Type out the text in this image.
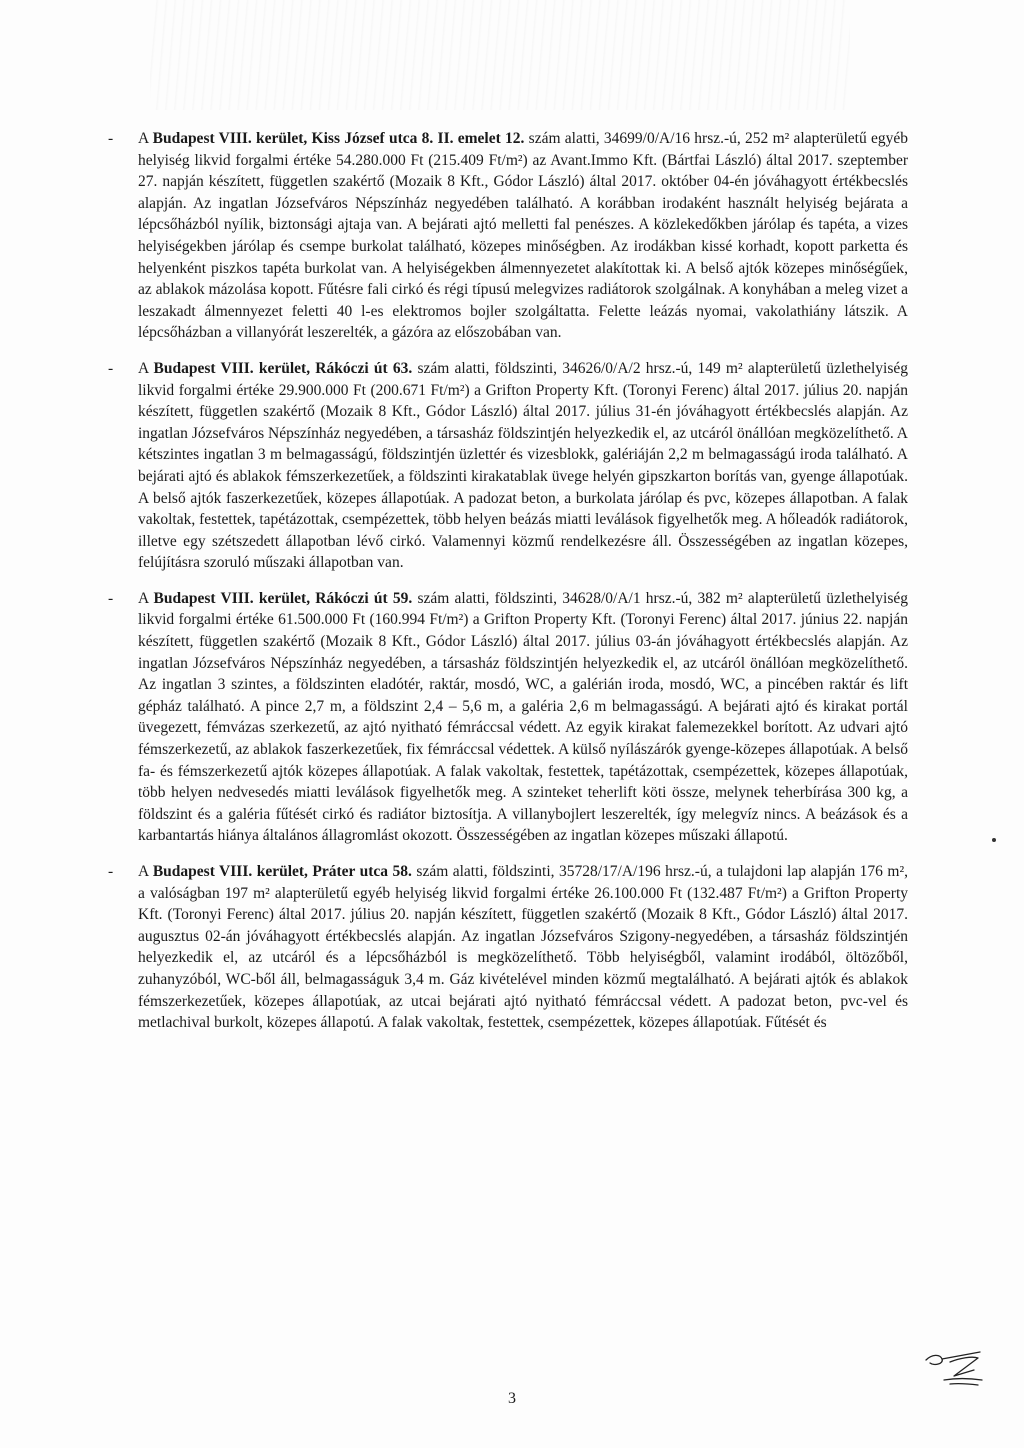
- A Budapest VIII. kerület, Kiss József utca 8. II. emelet 12. szám alatti, 34699/0/A/16 hrsz.-ú, 252 m² alapterületű egyéb helyiség likvid forgalmi értéke 54.280.000 Ft (215.409 Ft/m²) az Avant.Immo Kft. (Bártfai László) által 2017. szeptember 27. napján készített, független szakértő (Mozaik 8 Kft., Gódor László) által 2017. október 04-én jóváhagyott értékbecslés alapján. Az ingatlan Józsefváros Népszínház negyedében található. A korábban irodaként használt helyiség bejárata a lépcsőházból nyílik, biztonsági ajtaja van. A bejárati ajtó melletti fal penészes. A közlekedőkben járólap és tapéta, a vizes helyiségekben járólap és csempe burkolat található, közepes minőségben. Az irodákban kissé korhadt, kopott parketta és helyenként piszkos tapéta burkolat van. A helyiségekben álmennyezetet alakítottak ki. A belső ajtók közepes minőségűek, az ablakok mázolása kopott. Fűtésre fali cirkó és régi típusú melegvizes radiátorok szolgálnak. A konyhában a meleg vizet a leszakadt álmennyezet feletti 40 l-es elektromos bojler szolgáltatta. Felette leázás nyomai, vakolathiány látszik. A lépcsőházban a villanyórát leszerelték, a gázóra az előszobában van.
- A Budapest VIII. kerület, Rákóczi út 63. szám alatti, földszinti, 34626/0/A/2 hrsz.-ú, 149 m² alapterületű üzlethelyiség likvid forgalmi értéke 29.900.000 Ft (200.671 Ft/m²) a Grifton Property Kft. (Toronyi Ferenc) által 2017. július 20. napján készített, független szakértő (Mozaik 8 Kft., Gódor László) által 2017. július 31-én jóváhagyott értékbecslés alapján. Az ingatlan Józsefváros Népszínház negyedében, a társasház földszintjén helyezkedik el, az utcáról önállóan megközelíthető. A kétszintes ingatlan 3 m belmagasságú, földszintjén üzlettér és vizesblokk, galériáján 2,2 m belmagasságú iroda található. A bejárati ajtó és ablakok fémszerkezetűek, a földszinti kirakatablak üvege helyén gipszkarton borítás van, gyenge állapotúak. A belső ajtók faszerkezetűek, közepes állapotúak. A padozat beton, a burkolata járólap és pvc, közepes állapotban. A falak vakoltak, festettek, tapétázottak, csempézettek, több helyen beázás miatti leválások figyelhetők meg. A hőleadók radiátorok, illetve egy szétszedett állapotban lévő cirkó. Valamennyi közmű rendelkezésre áll. Összességében az ingatlan közepes, felújításra szoruló műszaki állapotban van.
- A Budapest VIII. kerület, Rákóczi út 59. szám alatti, földszinti, 34628/0/A/1 hrsz.-ú, 382 m² alapterületű üzlethelyiség likvid forgalmi értéke 61.500.000 Ft (160.994 Ft/m²) a Grifton Property Kft. (Toronyi Ferenc) által 2017. június 22. napján készített, független szakértő (Mozaik 8 Kft., Gódor László) által 2017. július 03-án jóváhagyott értékbecslés alapján. Az ingatlan Józsefváros Népszínház negyedében, a társasház földszintjén helyezkedik el, az utcáról önállóan megközelíthető. Az ingatlan 3 szintes, a földszinten eladótér, raktár, mosdó, WC, a galérián iroda, mosdó, WC, a pincében raktár és lift gépház található. A pince 2,7 m, a földszint 2,4 – 5,6 m, a galéria 2,6 m belmagasságú. A bejárati ajtó és kirakat portál üvegezett, fémvázas szerkezetű, az ajtó nyitható fémráccsal védett. Az egyik kirakat falemezekkel borított. Az udvari ajtó fémszerkezetű, az ablakok faszerkezetűek, fix fémráccsal védettek. A külső nyílászárók gyenge-közepes állapotúak. A belső fa- és fémszerkezetű ajtók közepes állapotúak. A falak vakoltak, festettek, tapétázottak, csempézettek, közepes állapotúak, több helyen nedvesedés miatti leválások figyelhetők meg. A szinteket teherlift köti össze, melynek teherbírása 300 kg, a földszint és a galéria fűtését cirkó és radiátor biztosítja. A villanybojlert leszerelték, így melegvíz nincs. A beázások és a karbantartás hiánya általános állagromlást okozott. Összességében az ingatlan közepes műszaki állapotú.
- A Budapest VIII. kerület, Práter utca 58. szám alatti, földszinti, 35728/17/A/196 hrsz.-ú, a tulajdoni lap alapján 176 m², a valóságban 197 m² alapterületű egyéb helyiség likvid forgalmi értéke 26.100.000 Ft (132.487 Ft/m²) a Grifton Property Kft. (Toronyi Ferenc) által 2017. július 20. napján készített, független szakértő (Mozaik 8 Kft., Gódor László) által 2017. augusztus 02-án jóváhagyott értékbecslés alapján. Az ingatlan Józsefváros Szigony-negyedében, a társasház földszintjén helyezkedik el, az utcáról és a lépcsőházból is megközelíthető. Több helyiségből, valamint irodából, öltözőből, zuhanyzóból, WC-ből áll, belmagasságuk 3,4 m. Gáz kivételével minden közmű megtalálható. A bejárati ajtók és ablakok fémszerkezetűek, közepes állapotúak, az utcai bejárati ajtó nyitható fémráccsal védett. A padozat beton, pvc-vel és metlachival burkolt, közepes állapotú. A falak vakoltak, festettek, csempézettek, közepes állapotúak. Fűtését és
3
